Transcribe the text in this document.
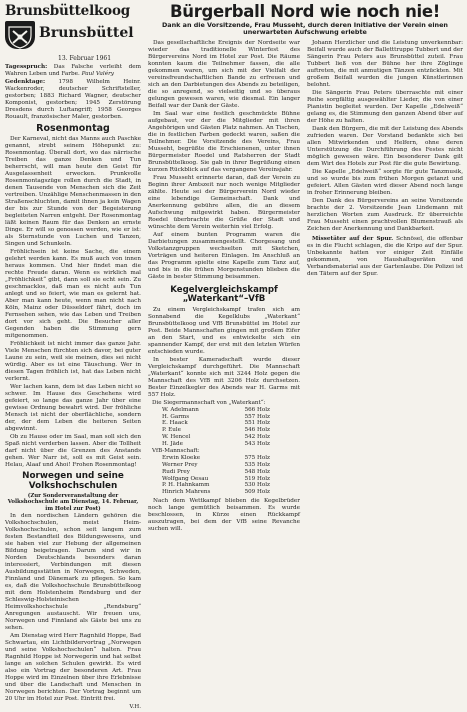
Brunsbüttelkoog
Brunsbüttel
13. Februar 1961

Tagesspruch: Das Falsche verleiht dem Wahren Leben und Farbe. Paul Valéry

Gedenktage: 1798 Wilhelm Heinr. Wackenroder, deutscher Schriftsteller, gestorben; 1883 Richard Wagner, deutscher Komponist, gestorben; 1945 Zerstörung Dresdens durch Luftangriff; 1958 Georges Rouault, französischer Maler, gestorben.

Rosenmontag

Der Karneval, nicht das Manns auch Paschke genannt, strebt seinem Höhepunkt zu: Rosenmontag. Überall dort, wo das närrische Treiben das ganze Denken und Tun beherrscht, will man heute den Geist für Ausgelassenheit erwecken. Prunkvolle Rosenmontagszüge rollen durch die Stadt, in denen Tausende von Menschen sich die Zeit vertreiben. Unzählige Menschenmassen in den Straßenschluchten, damit ihnen ja kein Wagen der bis zur Stunde von der Begeisterung begleiteten Narren entgeht. Der Rosenmontag läßt keinen Raum für das Denken an ernste Dinge. Er will so genossen werden, wie er ist: als Sternstunde von Luchen und Tanzen, Singen und Schunkeln.

Fröhlichsein ist keine Sache, die einem gelehrt werden kann. Es muß auch von innen heraus kommen. Und hier findet man die rechte Freude daran. Wenn es wirklich mal „Fröhlichkeit“ gibt, dann soll sie echt sein. Zu geschmacklos, daß man es nicht aufs Tun anlegt und so feiert, wie man es gelernt hat. Aber man kann heute, wenn man nicht nach Köln, Mainz oder Düsseldorf fährt, doch im Fernsehen sehen, wie das Leben und Treiben dort vor sich geht. Die Besucher aller Gegenden haben die Stimmung gern mitgenommen.

Fröhlichkeit ist nicht immer das ganze Jahr. Viele Menschen fürchten sich davor, bei guter Laune zu sein, weil sie meinen, dies sei nicht würdig. Aber es ist eine Täuschung. Wer in diesen Tagen fröhlich ist, hat das Leben nicht verlernt.

Wer lachen kann, dem ist das Leben nicht so schwer. Im Hause des Geschehens wird gefeiert, so lange das ganze Jahr über eine gewisse Ordnung bewahrt wird. Der fröhliche Mensch ist nicht der oberflächliche, sondern der, der dem Leben die heiteren Seiten abgewinnt.

Ob zu Hause oder im Saal, man soll sich den Spaß nicht verderben lassen. Aber die Tollheit darf nicht über die Grenzen des Anstands gehen. Wer Narr ist, soll es mit Geist sein. Helau, Alaaf und Ahoi! Frohen Rosenmontag!

Norwegen und seine Volkshochschulen

(Zur Sonderveranstaltung der Volkshochschule am Dienstag, 14. Februar, im Hotel zur Post)

In den nordischen Ländern gehören die Volkshochschulen, meist Heim-Volkshochschulen, schon seit langem zum festen Bestandteil des Bildungswesens, und sie haben viel zur Hebung der allgemeinen Bildung beigetragen. Darum sind wir in Norden Deutschlands besonders daran interessiert, Verbindungen mit diesen Ausbildungsstätten in Norwegen, Schweden, Finnland und Dänemark zu pflegen. So kam es, daß die Volkshochschule Brunsbüttelkoog mit dem Holstenheim Rendsburg und der Schleswig-Holsteinischen Heimvolkshochschule „Rendsburg“ Anregungen austauscht. Wir freuen uns, Norwegen und Finnland als Gäste bei uns zu sehen.

Am Dienstag wird Herr Ragnhild Hoppe, Bad Schwartau, ein Lichtbildervortrag „Norwegen und seine Volkshochschulen“ halten. Frau Ragnhild Hoppe ist Norwegerin und hat selbst lange an solchen Schulen gewirkt. Es wird also ein Vortrag der besonderen Art. Frau Hoppe wird im Einzelnen über ihre Erlebnisse und über die Landschaft und Menschen in Norwegen berichten. Der Vortrag beginnt um 20 Uhr im Hotel zur Post. Eintritt frei.

V.H.

Bürgerball Nord wie noch nie!
Dank an die Vorsitzende, Frau Musseht, durch deren Initiative der Verein einen unerwarteten Aufschwung erlebte

Das gesellschaftliche Ereignis der Nordseite war wieder das traditionelle Winterfest des Bürgervereins Nord im Hotel zur Post. Die Räume konnten kaum die Teilnehmer fassen, die alle gekommen waren, um sich mit der Vielfalt der vereinsfreundschaftlichen Bande zu erfreuen und sich an den Darbietungen des Abends zu beteiligen, die so anregend, so vielseitig und so überaus gelungen gewesen waren, wie diesmal. Ein langer Beifall war der Dank der Gäste.

Im Saal war eine festlich geschmückte Bühne aufgebaut, vor der die Mitglieder mit ihren Angehörigen und Gästen Platz nahmen. An Tischen, die in festlichen Farben gedeckt waren, saßen die Teilnehmer. Die Vorsitzende des Vereins, Frau Musseht, begrüßte die Erschienenen, unter ihnen Bürgermeister Roedel und Ratsherren der Stadt Brunsbüttelkoog. Sie gab in ihrer Begrüßung einen kurzen Rückblick auf das vergangene Vereinsjahr.

Frau Musseht erinnerte daran, daß der Verein zu Beginn ihrer Amtszeit nur noch wenige Mitglieder zählte. Heute sei der Bürgerverein Nord wieder eine lebendige Gemeinschaft. Dank und Anerkennung gebühre allen, die an diesem Aufschwung mitgewirkt haben. Bürgermeister Roedel überbrachte die Grüße der Stadt und wünschte dem Verein weiterhin viel Erfolg.

Auf einem bunten Programm waren die Darbietungen zusammengestellt. Chorgesang und Volkstanzgruppen wechselten mit Sketchen, Vorträgen und heiteren Einlagen. Im Anschluß an das Programm spielte eine Kapelle zum Tanz auf, und bis in die frühen Morgenstunden blieben die Gäste in bester Stimmung beisammen.

Kegelvergleichskampf „Waterkant“–VfB

Zu einem Vergleichskampf trafen sich am Sonnabend die Kegelklubs „Waterkant“ Brunsbüttelkoog und VfB Brunsbüttel im Hotel zur Post. Beide Mannschaften gingen mit großem Eifer an den Start, und es entwickelte sich ein spannender Kampf, der erst mit den letzten Würfen entschieden wurde.

In bester Kameradschaft wurde dieser Vergleichskampf durchgeführt. Die Mannschaft „Waterkant“ konnte sich mit 3244 Holz gegen die Mannschaft des VfB mit 3206 Holz durchsetzen. Bester Einzelkegler des Abends war H. Garms mit 557 Holz.

Die Siegermannschaft von „Waterkant“:
W. Adelmann	566 Holz
H. Garms	557 Holz
E. Haack	551 Holz
P. Eule	546 Holz
W. Hencel	542 Holz
H. Jäde	543 Holz
VfB-Mannschaft:
Erwin Kloeke	575 Holz
Werner Prey	535 Holz
Rudi Prey	548 Holz
Wolfgang Oesau	519 Holz
P. H. Hahnkamm	530 Holz
Hinrich Mahrens	509 Holz

Nach dem Wettkampf blieben die Kegelbrüder noch lange gemütlich beisammen. Es wurde beschlossen, in Kürze einen Rückkampf auszutragen, bei dem der VfB seine Revanche suchen will.

Johann Herzlicher und die Leistung unverkennbar: Beifall wurde auch der Balletttruppe Tubbert und der Sängerin Frau Peters aus Brunsbüttel zuteil. Frau Tubbert ließ von der Bühne her ihre Zöglinge auftreten, die mit anmutigen Tänzen entzückten. Mit großem Beifall wurden die jungen Künstlerinnen belohnt.

Die Sängerin Frau Peters überraschte mit einer Reihe sorgfältig ausgewählter Lieder, die von einer Pianistin begleitet wurden. Der Kapelle „Edelweiß“ gelang es, die Stimmung den ganzen Abend über auf der Höhe zu halten.

Dank den Bürgern, die mit der Leistung des Abends zufrieden waren. Der Vorstand bedankte sich bei allen Mitwirkenden und Helfern, ohne deren Unterstützung die Durchführung des Festes nicht möglich gewesen wäre. Ein besonderer Dank gilt dem Wirt des Hotels zur Post für die gute Bewirtung.

Die Kapelle „Edelweiß“ sorgte für gute Tanzmusik, und so wurde bis zum frühen Morgen getanzt und gefeiert. Allen Gästen wird dieser Abend noch lange in froher Erinnerung bleiben.

Den Dank des Bürgervereins an seine Vorsitzende brachte der 2. Vorsitzende Jean Lindemann mit herzlichen Worten zum Ausdruck. Er überreichte Frau Musseht einen prachtvollen Blumenstrauß als Zeichen der Anerkennung und Dankbarkeit.

Missetäter auf der Spur. Schnösel, die offenbar es in die Flucht schlagen, die die Kripo auf der Spur. Unbekannte hatten vor einiger Zeit Einfälle gekommen, von Haushaltsgeräten und Verbandsmaterial aus der Gartenlaube. Die Polizei ist den Tätern auf der Spur.
